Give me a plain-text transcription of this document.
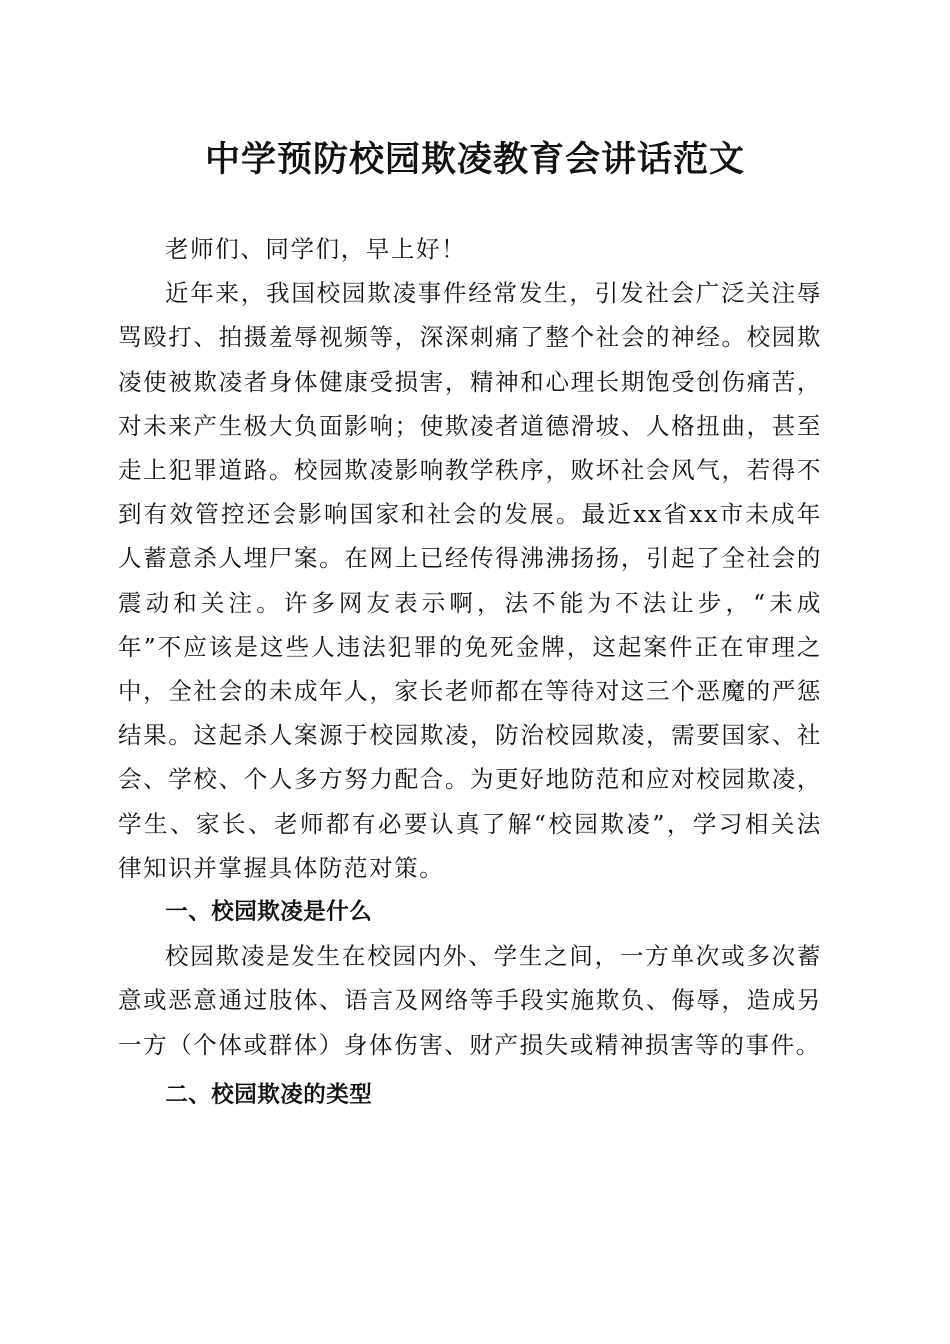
中学预防校园欺凌教育会讲话范文

老师们、同学们，早上好！

近年来，我国校园欺凌事件经常发生，引发社会广泛关注辱骂殴打、拍摄羞辱视频等，深深刺痛了整个社会的神经。校园欺凌使被欺凌者身体健康受损害，精神和心理长期饱受创伤痛苦，对未来产生极大负面影响；使欺凌者道德滑坡、人格扭曲，甚至走上犯罪道路。校园欺凌影响教学秩序，败坏社会风气，若得不到有效管控还会影响国家和社会的发展。最近xx省xx市未成年人蓄意杀人埋尸案。在网上已经传得沸沸扬扬，引起了全社会的震动和关注。许多网友表示啊，法不能为不法让步，“未成年”不应该是这些人违法犯罪的免死金牌，这起案件正在审理之中，全社会的未成年人，家长老师都在等待对这三个恶魔的严惩结果。这起杀人案源于校园欺凌，防治校园欺凌，需要国家、社会、学校、个人多方努力配合。为更好地防范和应对校园欺凌，学生、家长、老师都有必要认真了解“校园欺凌”，学习相关法律知识并掌握具体防范对策。

一、校园欺凌是什么

校园欺凌是发生在校园内外、学生之间，一方单次或多次蓄意或恶意通过肢体、语言及网络等手段实施欺负、侮辱，造成另一方（个体或群体）身体伤害、财产损失或精神损害等的事件。

二、校园欺凌的类型
